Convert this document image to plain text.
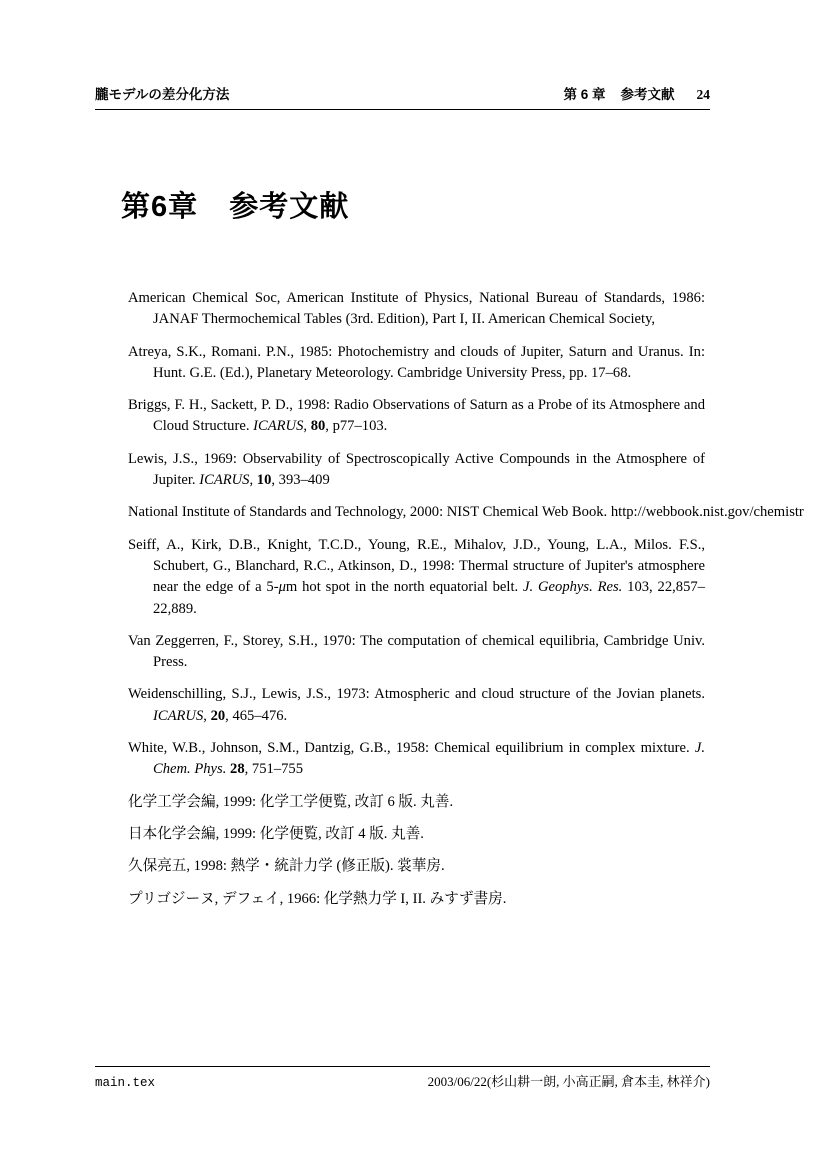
朧モデルの差分化方法	第 6 章 参考文献 24
第6章 参考文献

American Chemical Soc, American Institute of Physics, National Bureau of Standards, 1986: JANAF Thermochemical Tables (3rd. Edition), Part I, II. American Chemical Society,

Atreya, S.K., Romani. P.N., 1985: Photochemistry and clouds of Jupiter, Saturn and Uranus. In: Hunt. G.E. (Ed.), Planetary Meteorology. Cambridge University Press, pp. 17–68.

Briggs, F. H., Sackett, P. D., 1998: Radio Observations of Saturn as a Probe of its Atmosphere and Cloud Structure. ICARUS, 80, p77–103.

Lewis, J.S., 1969: Observability of Spectroscopically Active Compounds in the Atmosphere of Jupiter. ICARUS, 10, 393–409

National Institute of Standards and Technology, 2000: NIST Chemical Web Book. http://webbook.nist.gov/chemistr

Seiff, A., Kirk, D.B., Knight, T.C.D., Young, R.E., Mihalov, J.D., Young, L.A., Milos. F.S., Schubert, G., Blanchard, R.C., Atkinson, D., 1998: Thermal structure of Jupiter's atmosphere near the edge of a 5-μm hot spot in the north equatorial belt. J. Geophys. Res. 103, 22,857–22,889.

Van Zeggerren, F., Storey, S.H., 1970: The computation of chemical equilibria, Cambridge Univ. Press.

Weidenschilling, S.J., Lewis, J.S., 1973: Atmospheric and cloud structure of the Jovian planets. ICARUS, 20, 465–476.

White, W.B., Johnson, S.M., Dantzig, G.B., 1958: Chemical equilibrium in complex mixture. J. Chem. Phys. 28, 751–755

化学工学会編, 1999: 化学工学便覧, 改訂 6 版. 丸善.

日本化学会編, 1999: 化学便覧, 改訂 4 版. 丸善.

久保亮五, 1998: 熱学・統計力学 (修正版). 裳華房.

プリゴジーヌ, デフェイ, 1966: 化学熱力学 I, II. みすず書房.

main.tex	2003/06/22(杉山耕一朗, 小高正嗣, 倉本圭, 林祥介)
